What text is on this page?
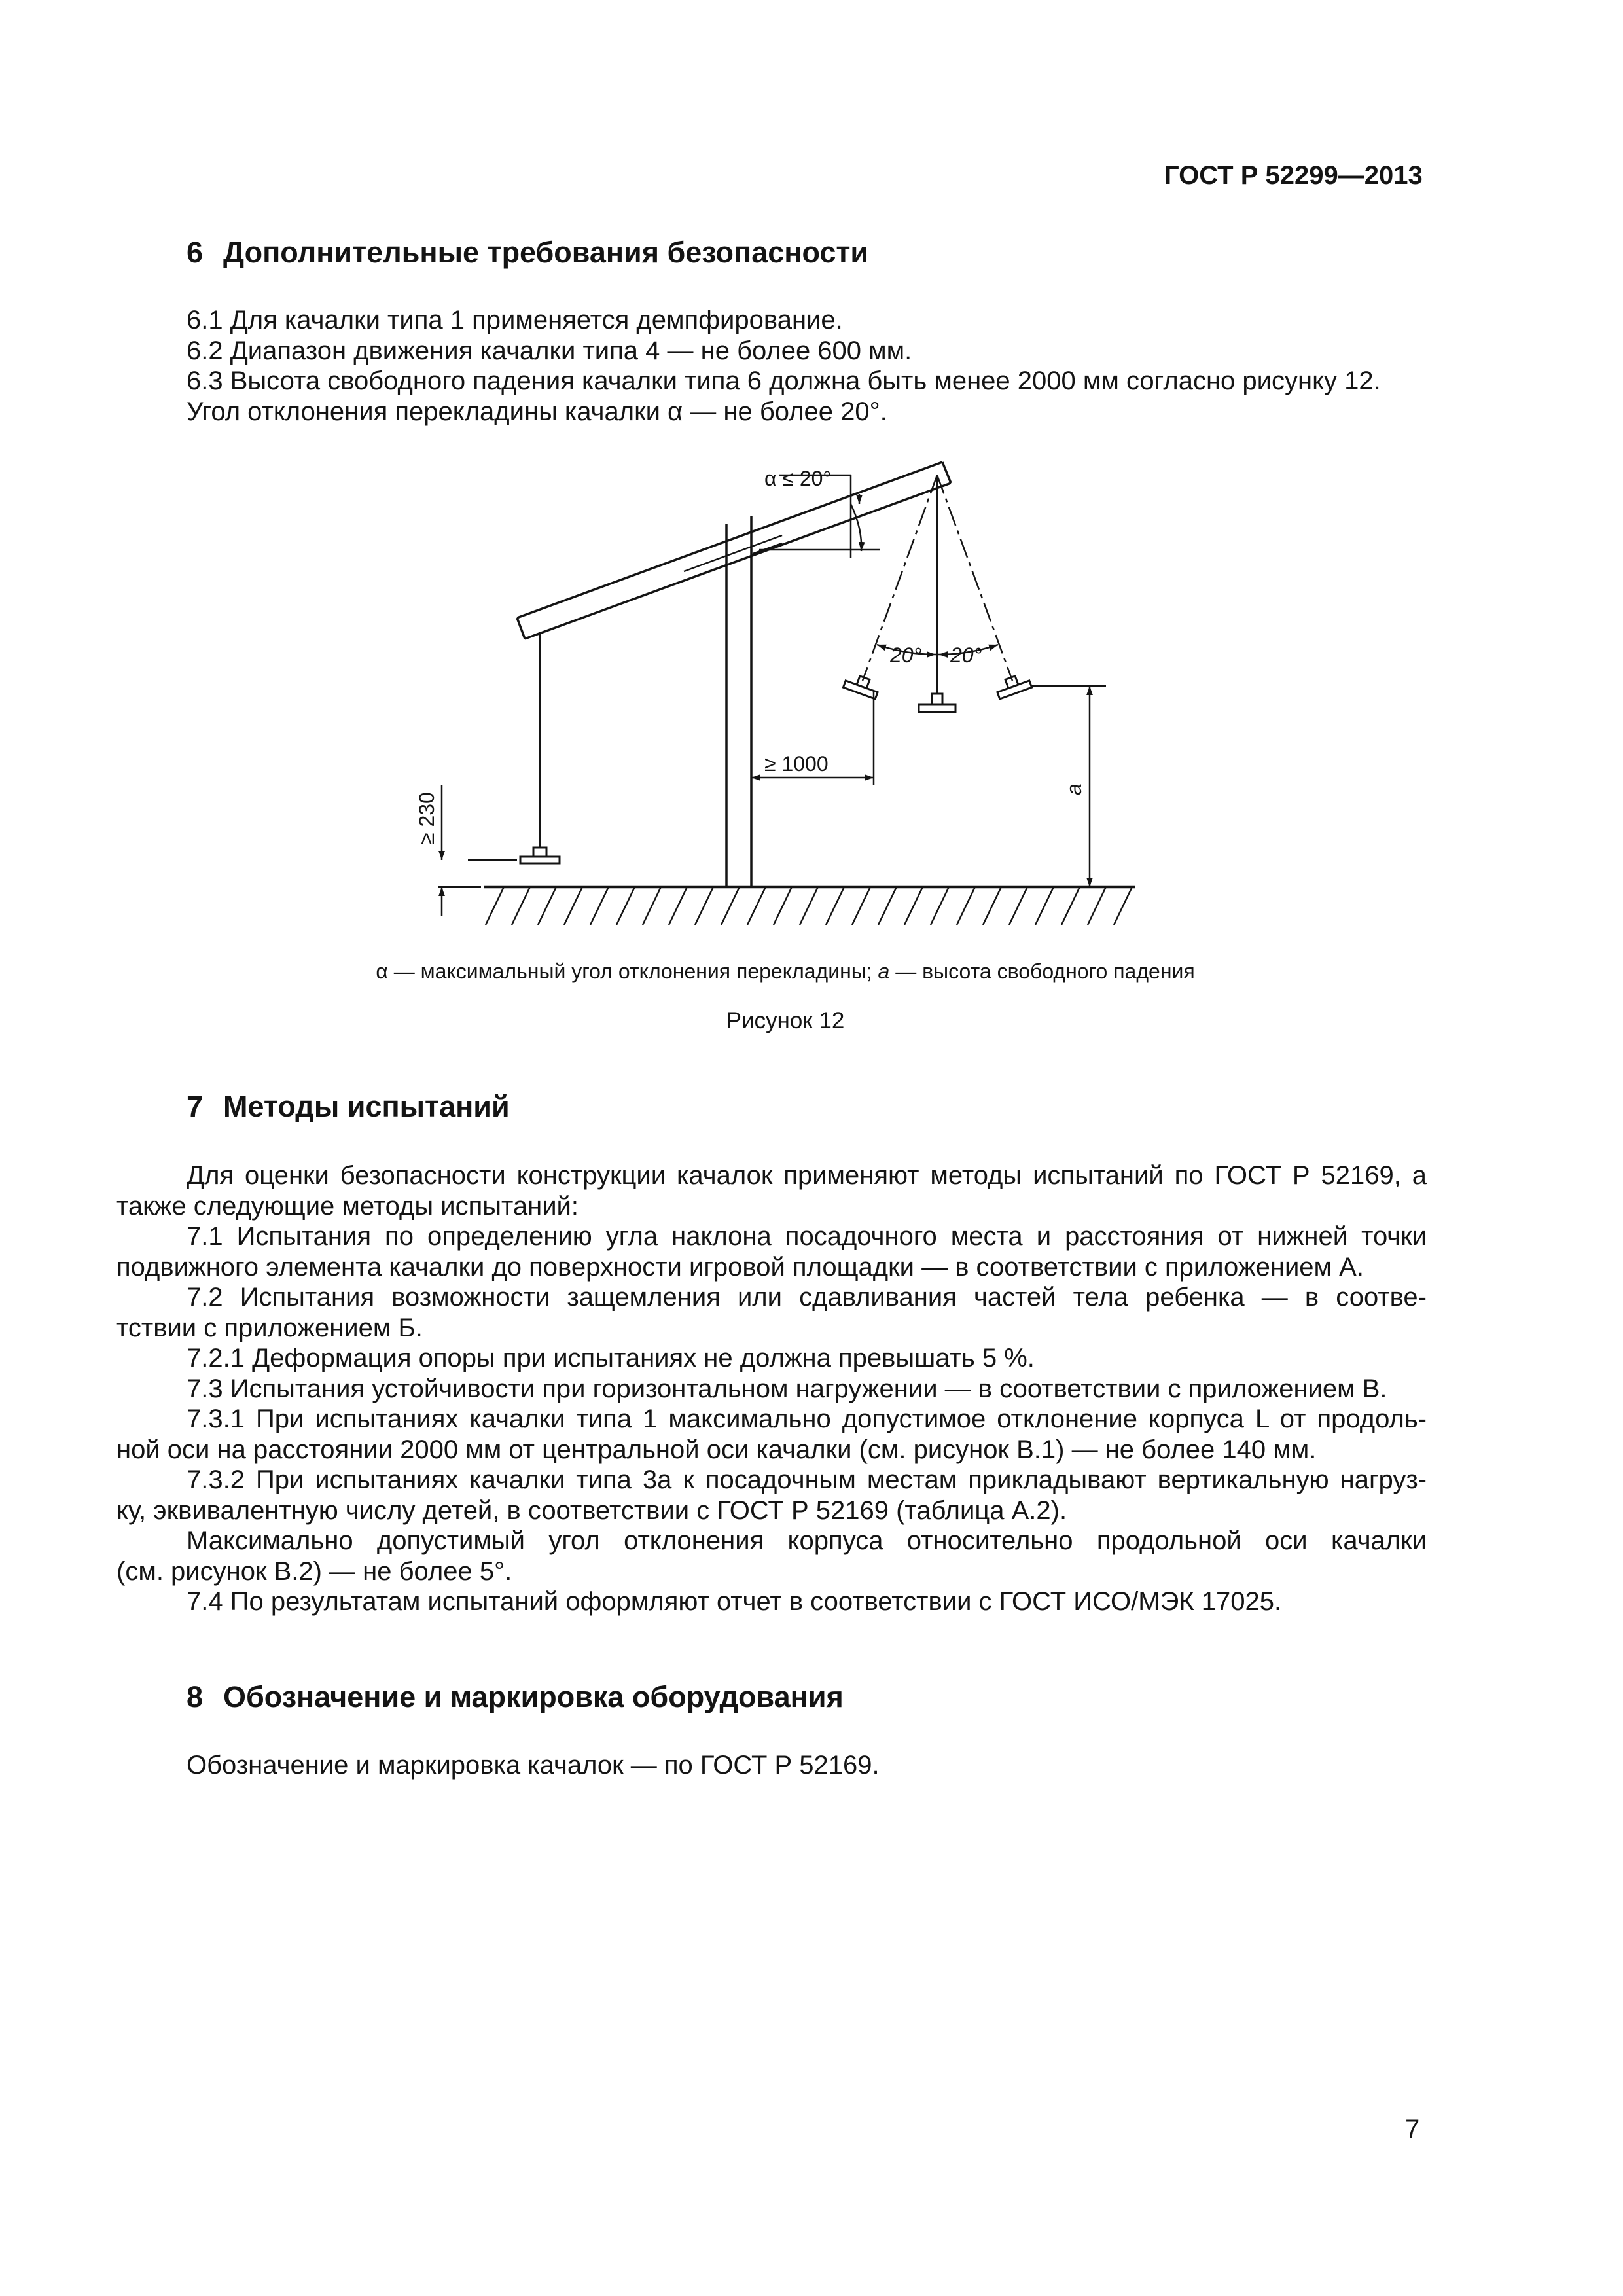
ГОСТ Р 52299—2013
6 Дополнительные требования безопасности
6.1 Для качалки типа 1 применяется демпфирование.
6.2 Диапазон движения качалки типа 4 — не более 600 мм.
6.3 Высота свободного падения качалки типа 6 должна быть менее 2000 мм согласно рисунку 12.
Угол отклонения перекладины качалки α — не более 20°.
α ≤ 20°
20° 20°
≥ 1000
≥ 230
a
α — максимальный угол отклонения перекладины; a — высота свободного падения
Рисунок 12
7 Методы испытаний
Для оценки безопасности конструкции качалок применяют методы испытаний по ГОСТ Р 52169, а
также следующие методы испытаний:
7.1 Испытания по определению угла наклона посадочного места и расстояния от нижней точки
подвижного элемента качалки до поверхности игровой площадки — в соответствии с приложением А.
7.2 Испытания возможности защемления или сдавливания частей тела ребенка — в соотве-
тствии с приложением Б.
7.2.1 Деформация опоры при испытаниях не должна превышать 5 %.
7.3 Испытания устойчивости при горизонтальном нагружении — в соответствии с приложением В.
7.3.1 При испытаниях качалки типа 1 максимально допустимое отклонение корпуса L от продоль-
ной оси на расстоянии 2000 мм от центральной оси качалки (см. рисунок В.1) — не более 140 мм.
7.3.2 При испытаниях качалки типа 3а к посадочным местам прикладывают вертикальную нагруз-
ку, эквивалентную числу детей, в соответствии с ГОСТ Р 52169 (таблица А.2).
Максимально допустимый угол отклонения корпуса относительно продольной оси качалки
(см. рисунок В.2) — не более 5°.
7.4 По результатам испытаний оформляют отчет в соответствии с ГОСТ ИСО/МЭК 17025.
8 Обозначение и маркировка оборудования
Обозначение и маркировка качалок — по ГОСТ Р 52169.
7
